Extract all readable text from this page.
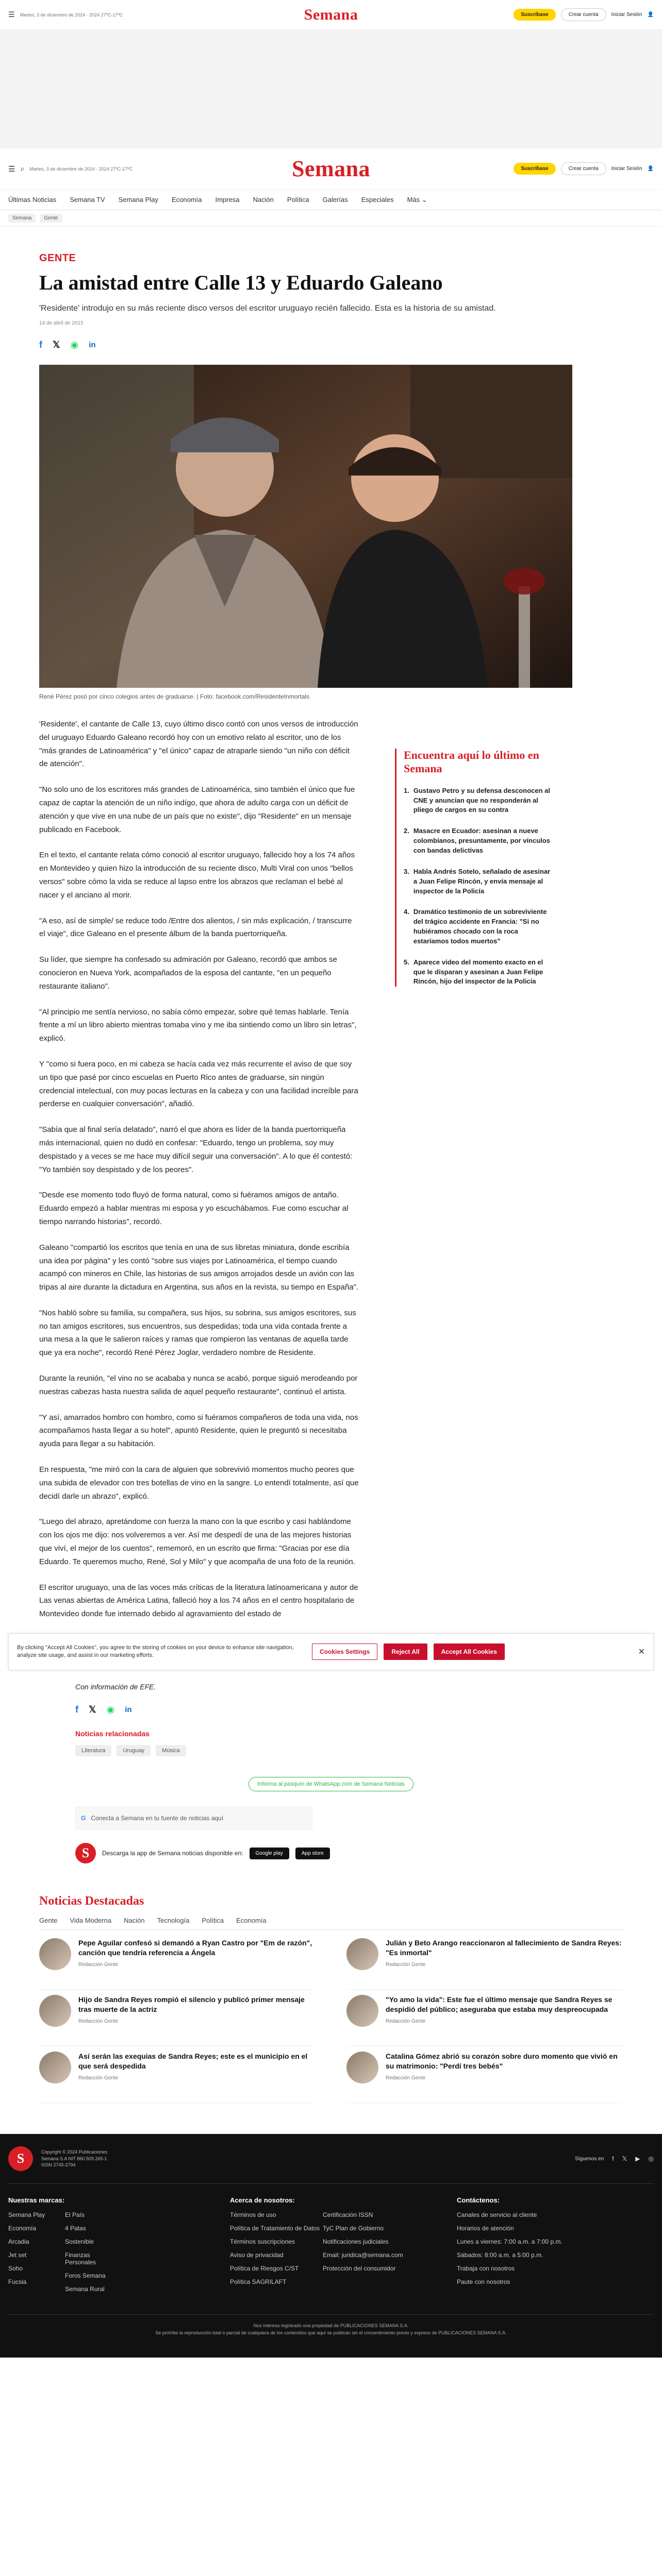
☰ Martes, 3 de diciembre de 2024 · 2024 27ºC-17ºC	Semana	Suscríbase	Crear cuenta	Iniciar Sesión 👤
☰ ⌕ Martes, 3 de diciembre de 2024 · 2024 27ºC-17ºC	Semana	Suscríbase	Crear cuenta	Iniciar Sesión 👤
Últimas Noticias Semana TV Semana Play Economía Impresa Nación Política Galerías Especiales Más ⌄
Semana	Gente
GENTE
La amistad entre Calle 13 y Eduardo Galeano

'Residente' introdujo en su más reciente disco versos del escritor uruguayo recién fallecido. Esta es la historia de su amistad.

14 de abril de 2015

f 𝕏 ◉ in

René Pérez posó por cinco colegios antes de graduarse. | Foto: facebook.com/ResidenteInmortals

'Residente', el cantante de Calle 13, cuyo último disco contó con unos versos de introducción del uruguayo Eduardo Galeano recordó hoy con un emotivo relato al escritor, uno de los "más grandes de Latinoamérica" y "el único" capaz de atraparle siendo "un niño con déficit de atención".

"No solo uno de los escritores más grandes de Latinoamérica, sino también el único que fue capaz de captar la atención de un niño indígo, que ahora de adulto carga con un déficit de atención y que vive en una nube de un país que no existe", dijo "Residente" en un mensaje publicado en Facebook.

En el texto, el cantante relata cómo conoció al escritor uruguayo, fallecido hoy a los 74 años en Montevideo y quien hizo la introducción de su reciente disco, Multi Viral con unos "bellos versos" sobre cómo la vida se reduce al lapso entre los abrazos que reclaman el bebé al nacer y el anciano al morir.

"A eso, así de simple/ se reduce todo /Entre dos alientos, / sin más explicación, / transcurre el viaje", dice Galeano en el presente álbum de la banda puertorriqueña.

Su líder, que siempre ha confesado su admiración por Galeano, recordó que ambos se conocieron en Nueva York, acompañados de la esposa del cantante, "en un pequeño restaurante italiano".

"Al principio me sentía nervioso, no sabía cómo empezar, sobre qué temas hablarle. Tenía frente a mí un libro abierto mientras tomaba vino y me iba sintiendo como un libro sin letras", explicó.

Y "como si fuera poco, en mi cabeza se hacía cada vez más recurrente el aviso de que soy un tipo que pasé por cinco escuelas en Puerto Rico antes de graduarse, sin ningún credencial intelectual, con muy pocas lecturas en la cabeza y con una facilidad increíble para perderse en cualquier conversación", añadió.

"Sabía que al final sería delatado", narró el que ahora es líder de la banda puertorriqueña más internacional, quien no dudó en confesar: "Eduardo, tengo un problema, soy muy despistado y a veces se me hace muy difícil seguir una conversación". A lo que él contestó: "Yo también soy despistado y de los peores".

"Desde ese momento todo fluyó de forma natural, como si fuéramos amigos de antaño. Eduardo empezó a hablar mientras mi esposa y yo escuchábamos. Fue como escuchar al tiempo narrando historias", recordó.

Galeano "compartió los escritos que tenía en una de sus libretas miniatura, donde escribía una idea por página" y les contó "sobre sus viajes por Latinoamérica, el tiempo cuando acampó con mineros en Chile, las historias de sus amigos arrojados desde un avión con las tripas al aire durante la dictadura en Argentina, sus años en la revista, su tiempo en España".

"Nos habló sobre su familia, su compañera, sus hijos, su sobrina, sus amigos escritores, sus no tan amigos escritores, sus encuentros, sus despedidas; toda una vida contada frente a una mesa a la que le salieron raíces y ramas que rompieron las ventanas de aquella tarde que ya era noche", recordó René Pérez Joglar, verdadero nombre de Residente.

Durante la reunión, "el vino no se acababa y nunca se acabó, porque siguió merodeando por nuestras cabezas hasta nuestra salida de aquel pequeño restaurante", continuó el artista.

"Y así, amarrados hombro con hombro, como si fuéramos compañeros de toda una vida, nos acompañamos hasta llegar a su hotel", apuntó Residente, quien le preguntó si necesitaba ayuda para llegar a su habitación.

En respuesta, "me miró con la cara de alguien que sobrevivió momentos mucho peores que una subida de elevador con tres botellas de vino en la sangre. Lo entendí totalmente, así que decidí darle un abrazo", explicó.

"Luego del abrazo, apretándome con fuerza la mano con la que escribo y casi hablándome con los ojos me dijo: nos volveremos a ver. Así me despedí de una de las mejores historias que viví, el mejor de los cuentos", rememoró, en un escrito que firma: "Gracias por ese día Eduardo. Te queremos mucho, René, Sol y Milo" y que acompaña de una foto de la reunión.

El escritor uruguayo, una de las voces más críticas de la literatura latinoamericana y autor de Las venas abiertas de América Latina, falleció hoy a los 74 años en el centro hospitalario de Montevideo donde fue internado debido al agravamiento del estado de

Encuentra aquí lo último en Semana
1. Gustavo Petro y su defensa desconocen al CNE y anuncian que no responderán al pliego de cargos en su contra
2. Masacre en Ecuador: asesinan a nueve colombianos, presuntamente, por vínculos con bandas delictivas
3. Habla Andrés Sotelo, señalado de asesinar a Juan Felipe Rincón, y envía mensaje al inspector de la Policía
4. Dramático testimonio de un sobreviviente del trágico accidente en Francia: "Si no hubiéramos chocado con la roca estaríamos todos muertos"
5. Aparece video del momento exacto en el que le disparan y asesinan a Juan Felipe Rincón, hijo del inspector de la Policía

By clicking "Accept All Cookies", you agree to the storing of cookies on your device to enhance site navigation, analyze site usage, and assist in our marketing efforts.	Cookies Settings	Reject All	Accept All Cookies	✕

Con información de EFE.

f 𝕏 ◉ in
Noticias relacionadas
Literatura	Uruguay	Música
Informa al pasquín de WhatsApp.com de Semana Noticias
G Conecta a Semana en tu fuente de noticias aquí
S	Descarga la app de Semana noticias disponible en:	Google play	App store
Noticias Destacadas
Gente Vida Moderna Nación Tecnología Política Economía

Pepe Aguilar confesó si demandó a Ryan Castro por "Em de razón", canción que tendría referencia a Ángela

Redacción Gente

Julián y Beto Arango reaccionaron al fallecimiento de Sandra Reyes: "Es inmortal"

Redacción Gente

Hijo de Sandra Reyes rompió el silencio y publicó primer mensaje tras muerte de la actriz

Redacción Gente

"Yo amo la vida": Este fue el último mensaje que Sandra Reyes se despidió del público; aseguraba que estaba muy despreocupada

Redacción Gente

Así serán las exequias de Sandra Reyes; este es el municipio en el que será despedida

Redacción Gente

Catalina Gómez abrió su corazón sobre duro momento que vivió en su matrimonio: "Perdí tres bebés"

Redacción Gente

S	Copyright © 2024 Publicaciones Semana S.A NIT 860.509.265-1 ISSN 2745-2794

Síguenos en f 𝕏 ▶ ◎
Nuestras marcas:
Semana Play
Economía
Arcadia
Jet set
Soho
Fucsia
El País
4 Patas
Sostenible
Finanzas Personales
Foros Semana
Semana Rural
Acerca de nosotros:
Términos de uso
Política de Tratamiento de Datos
Términos suscripciones
Aviso de privacidad
Política de Riesgos C/ST
Política SAGRILAFT
Certificación ISSN
TyC Plan de Gobierno
Notificaciones judiciales
Email: juridica@semana.com
Protección del consumidor
Contáctenos:
Canales de servicio al cliente
Horarios de atención
Lunes a viernes: 7:00 a.m. a 7:00 p.m.
Sábados: 8:00 a.m. a 5:00 p.m.
Trabaja con nosotros
Paute con nosotros

Nos interesa registrado una propiedad de PUBLICACIONES SEMANA S.A.

Se prohíbe la reproducción total o parcial de cualquiera de los contenidos que aquí se publican sin el consentimiento previo y expreso de PUBLICACIONES SEMANA S.A.
